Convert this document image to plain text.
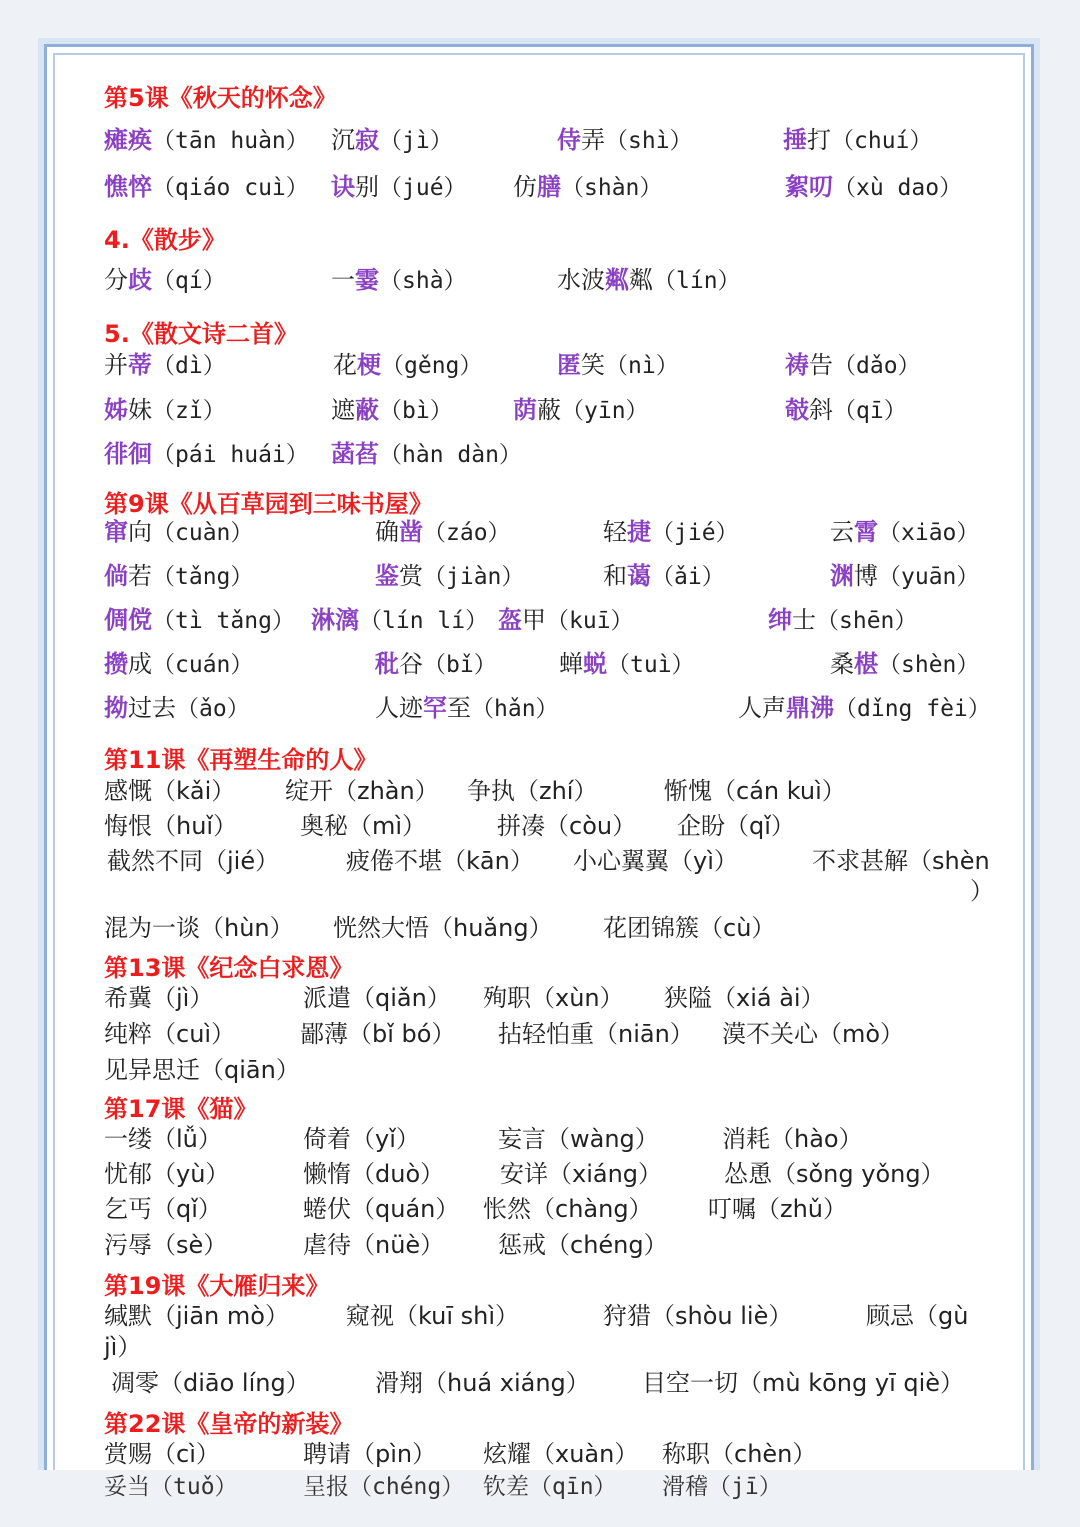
第5课《秋天的怀念》
瘫痪（tān huàn） 沉寂（jì）	侍弄（shì）	捶打（chuí）
憔悴（qiáo cuì） 诀别（jué） 仿膳（shàn）	絮叨（xù dao）
4.《散步》
分歧（qí）	一霎（shà）	水波粼粼（lín）
5.《散文诗二首》
并蒂（dì）	花梗（gěng）	匿笑（nì）	祷告（dǎo）
姊妹（zǐ）	遮蔽（bì）	荫蔽（yīn）	攲斜（qī）
徘徊（pái huái） 菡萏（hàn dàn）
第9课《从百草园到三味书屋》
窜向（cuàn）	确凿（záo）	轻捷（jié）	云霄（xiāo）
倘若（tǎng）	鉴赏（jiàn）	和蔼（ǎi）	渊博（yuān）
倜傥（tì tǎng） 淋漓（lín lí） 盔甲（kuī）	绅士（shēn）
攒成（cuán）	秕谷（bǐ）	蝉蜕（tuì）	桑椹（shèn）
拗过去（ǎo）	人迹罕至（hǎn）	人声鼎沸（dǐng fèi）
第11课《再塑生命的人》
感慨（kǎi） 绽开（zhàn） 争执（zhí）	惭愧（cán kuì）
悔恨（huǐ）	奥秘（mì）	拼凑（còu） 企盼（qǐ）
截然不同（jié）	疲倦不堪（kān） 小心翼翼（yì）	不求甚解（shèn
）
混为一谈（hùn） 恍然大悟（huǎng） 花团锦簇（cù）
第13课《纪念白求恩》
希冀（jì）	派遣（qiǎn） 殉职（xùn） 狭隘（xiá ài）
纯粹（cuì）	鄙薄（bǐ bó） 拈轻怕重（niān） 漠不关心（mò）
见异思迁（qiān）
第17课《猫》
一缕（lǚ）	倚着（yǐ）	妄言（wàng）	消耗（hào）
忧郁（yù）	懒惰（duò） 安详（xiáng）	怂恿（sǒng yǒng）
乞丐（qǐ）	蜷伏（quán） 怅然（chàng） 叮嘱（zhǔ）
污辱（sè）	虐待（nüè） 惩戒（chéng）
第19课《大雁归来》
缄默（jiān mò） 窥视（kuī shì）	狩猎（shòu liè）	顾忌（gù
jì）
凋零（diāo líng）	滑翔（huá xiáng） 目空一切（mù kōng yī qiè）
第22课《皇帝的新装》
赏赐（cì）	聘请（pìn） 炫耀（xuàn） 称职（chèn）
妥当（tuǒ）	呈报（chéng） 钦差（qīn） 滑稽（jī）
